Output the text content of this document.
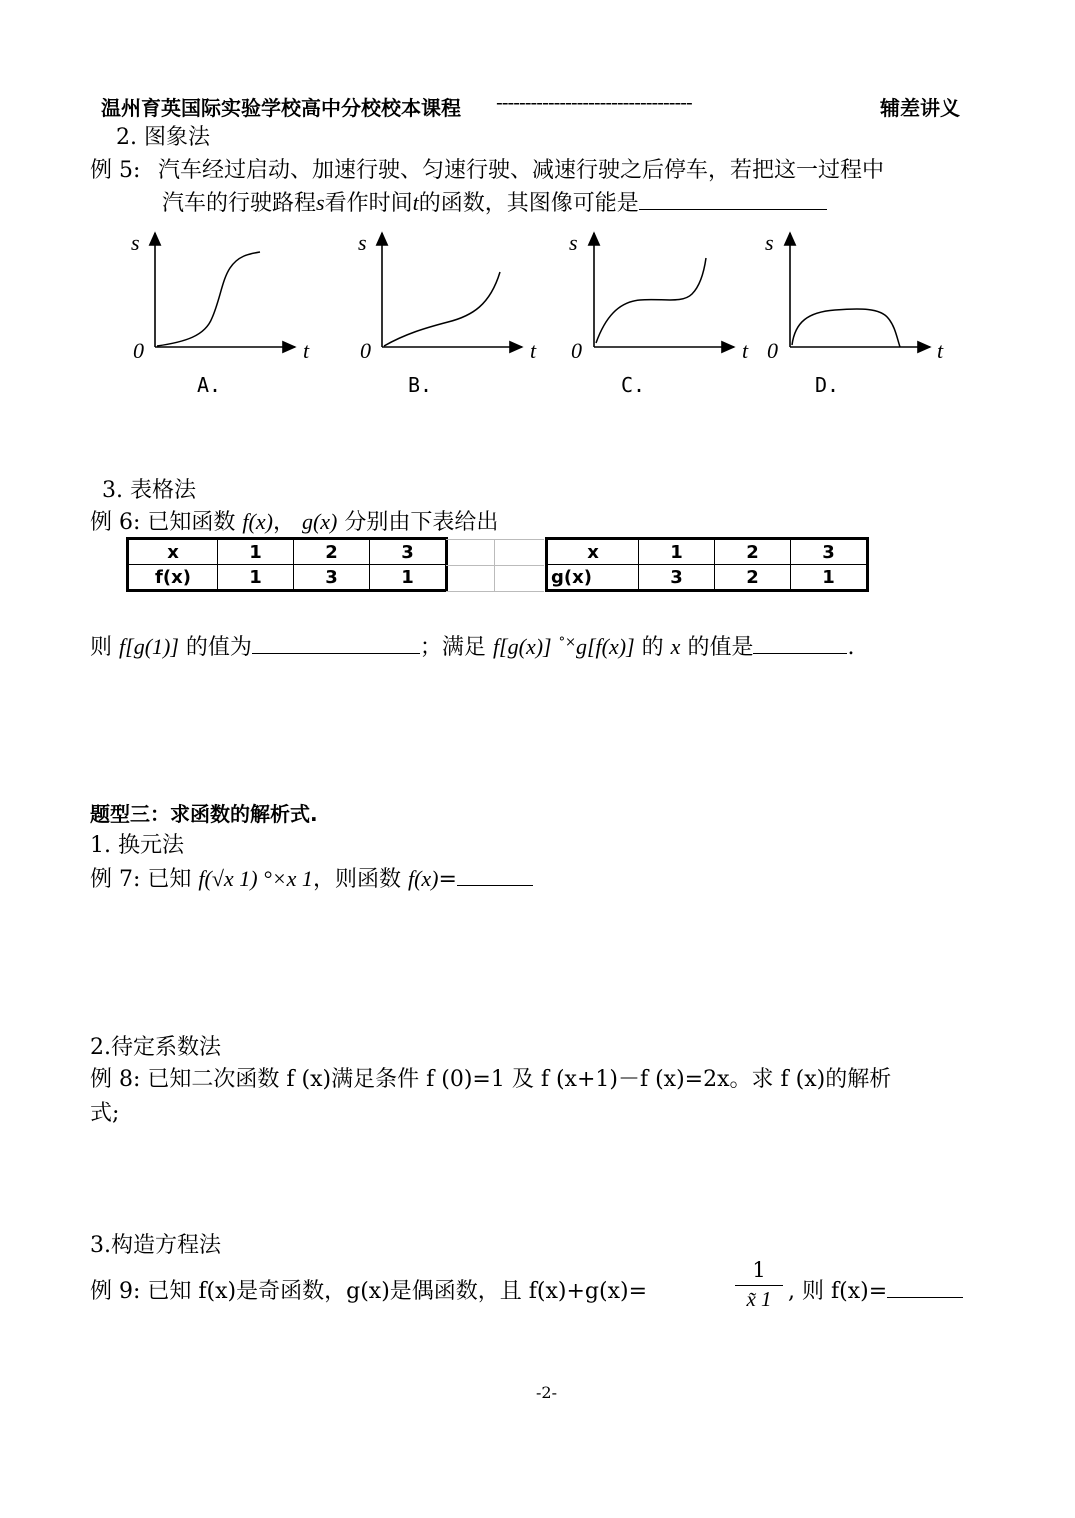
温州育英国际实验学校高中分校校本课程 ----------------------------------	辅差讲义
2. 图象法
例 5: 汽车经过启动、加速行驶、匀速行驶、减速行驶之后停车，若把这一过程中
汽车的行驶路程s看作时间t的函数，其图像可能是
s
0	t
A.
s
0	t
B.
s
0	t
C.
s
0	t
D.
3. 表格法
例 6: 已知函数 f(x)， g(x) 分别由下表给出
x	1	2	3
f(x)	1	3	1
x	1	2	3
g(x)	3	2	1
则 f[g(1)] 的值为	；满足 f[g(x)] °×g[f(x)] 的 x 的值是	.
题型三：求函数的解析式.
1. 换元法
例 7: 已知 f(√x 1) °×x 1，则函数 f(x)=
2.待定系数法
例 8: 已知二次函数 f (x)满足条件 f (0)=1 及 f (x+1)－f (x)=2x。求 f (x)的解析
式;
3.构造方程法
例 9: 已知 f(x)是奇函数，g(x)是偶函数，且 f(x)+g(x)=
1
x̃ 1 , 则 f(x)=
-2-
